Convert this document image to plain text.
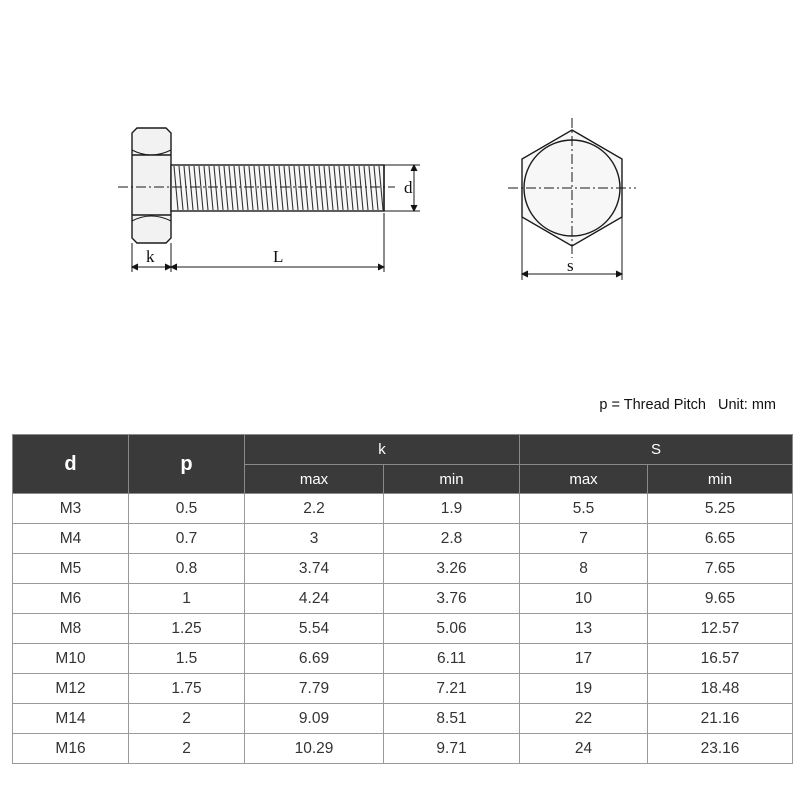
k	L
d
s
p = Thread Pitch Unit: mm
d	p	k		S	
		max	min	max	min
M3	0.5	2.2	1.9	5.5	5.25
M4	0.7	3	2.8	7	6.65
M5	0.8	3.74	3.26	8	7.65
M6	1	4.24	3.76	10	9.65
M8	1.25	5.54	5.06	13	12.57
M10	1.5	6.69	6.11	17	16.57
M12	1.75	7.79	7.21	19	18.48
M14	2	9.09	8.51	22	21.16
M16	2	10.29	9.71	24	23.16
